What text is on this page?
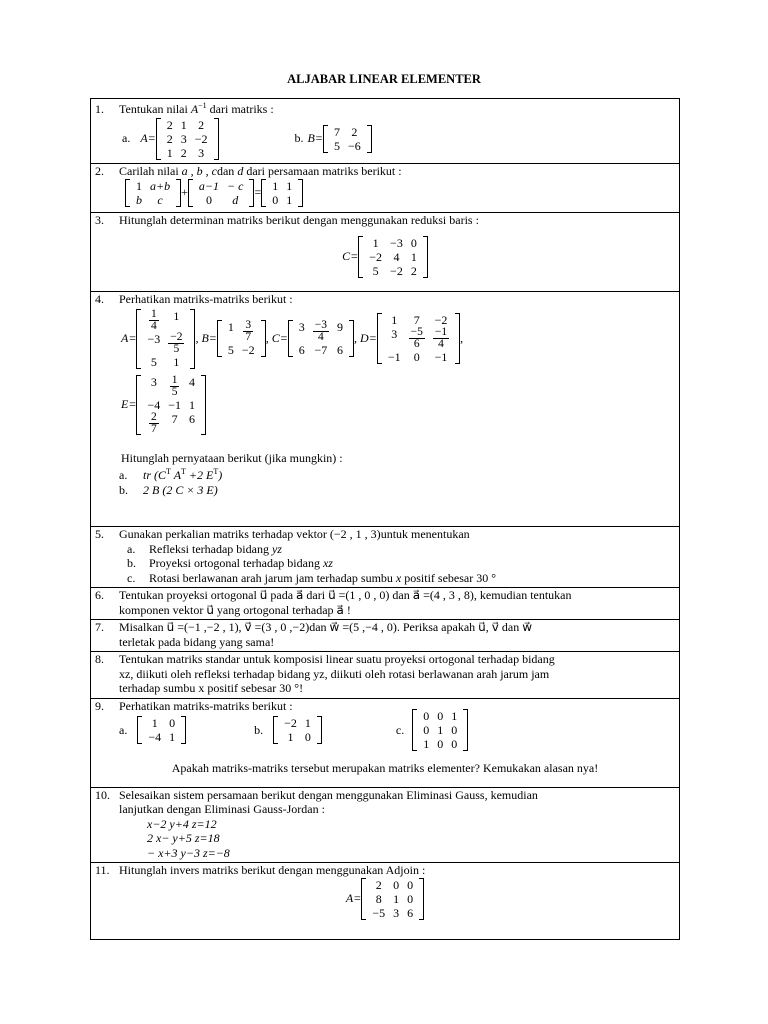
ALJABAR LINEAR ELEMENTER
1. Tentukan nilai $A^{-1}$ dari matriks :
a. A=
2	1	2
2	3	−2
1	2	3
b. B= 7	2
5	−6

2. Carilah nilai a , b , cdan d dari persamaan matriks berikut :
1	a+b
b	c
+ a−1	− c
0	d
= 1	1
0	1

3. Hitunglah determinan matriks berikut dengan menggunakan reduksi baris :
C=
1	−3	0
−2	4	1
5	−2	2

4. Perhatikan matriks-matriks berikut :
A=
$\frac{1}{4}$	1
−3	$\frac{-2}{5}$

5	1
, B=
1	$\frac{3}{7}$

5	−2
, C=
3	$\frac{-3}{4}$	9
6	−7	6
, D=
1	7	−2
3	$\frac{-5}{6}$	$\frac{-1}{4}$

−1	0	−1
,
E=
3	$\frac{1}{5}$	4
−4	−1	1

$\frac{2}{7}$	7	6
Hitunglah pernyataan berikut (jika mungkin) :
a. tr ($C^T$ $A^T +2$ $E^T$)
b. 2 B (2 C × 3 E)

5. Gunakan perkalian matriks terhadap vektor (−2 , 1 , 3)untuk menentukan
a. Refleksi terhadap bidang yz
b. Proyeksi ortogonal terhadap bidang xz
c. Rotasi berlawanan arah jarum jam terhadap sumbu x positif sebesar 30 °

6. Tentukan proyeksi ortogonal u⃗ pada a⃗ dari u⃗ =(1 , 0 , 0) dan a⃗ =(4 , 3 , 8), kemudian tentukan
komponen vektor u⃗ yang ortogonal terhadap a⃗ !

7. Misalkan u⃗ =(−1 ,−2 , 1), v⃗ =(3 , 0 ,−2)dan w⃗ =(5 ,−4 , 0). Periksa apakah u⃗, v⃗ dan w⃗
terletak pada bidang yang sama!

8. Tentukan matriks standar untuk komposisi linear suatu proyeksi ortogonal terhadap bidang
xz, diikuti oleh refleksi terhadap bidang yz, diikuti oleh rotasi berlawanan arah jarum jam
terhadap sumbu x positif sebesar 30 °!

9. Perhatikan matriks-matriks berikut :
a. 1	0
−4	1
b. −2	1
1	0
c.
0	0	1
0	1	0
1	0	0
Apakah matriks-matriks tersebut merupakan matriks elementer? Kemukakan alasan nya!

10. Selesaikan sistem persamaan berikut dengan menggunakan Eliminasi Gauss, kemudian
lanjutkan dengan Eliminasi Gauss-Jordan :
x−2 y+4 z=12
2 x− y+5 z=18
− x+3 y−3 z=−8

11. Hitunglah invers matriks berikut dengan menggunakan Adjoin :
A=
2	0	0
8	1	0
−5	3	6
